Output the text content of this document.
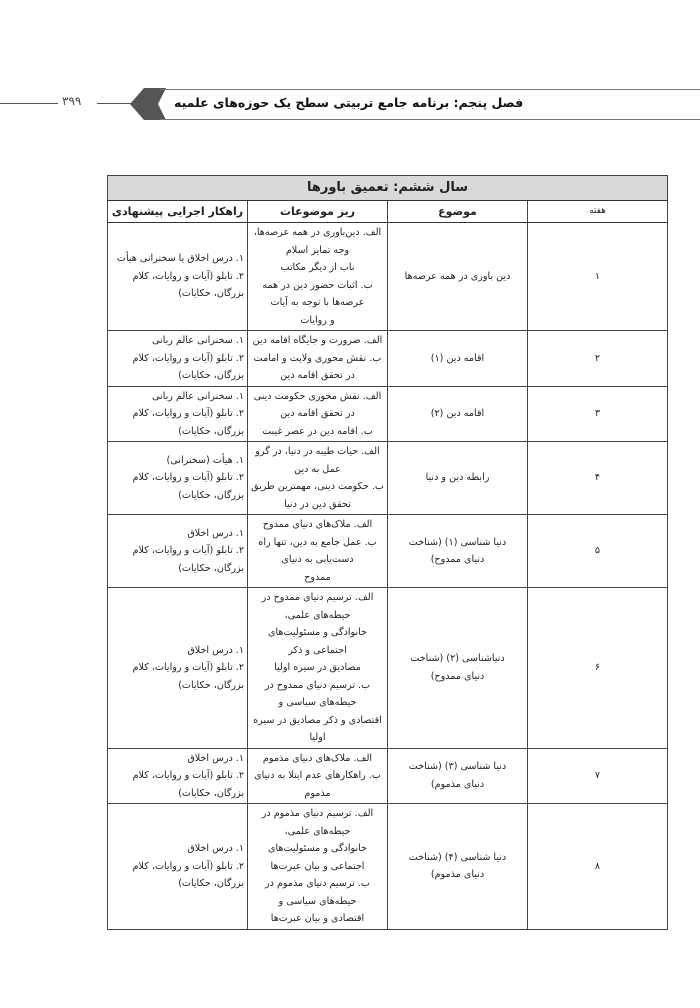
۳۹۹	فصل پنجم: برنامه جامع تربیتی سطح یک حوزه‌های علمیه
سال ششم: تعمیق باورها			
هفته	موضوع	ریز موضوعات	راهکار اجرایی پیشنهادی
۱	دین باوری در همه عرصه‌ها	الف. دین‌باوری در همه عرصه‌ها، وجه تمایز اسلام
ناب از دیگر مکاتب
ب. اثبات حضور دین در همه عرصه‌ها با توجه به آیات
و روایات	۱. درس اخلاق یا سخنرانی هیأت
۲. تابلو (آیات و روایات، کلام بزرگان، حکایات)

۲	اقامه دین (۱)	الف. ضرورت و جایگاه اقامه دین
ب. نقش محوری ولایت و امامت در تحقق اقامه دین	۱. سخنرانی عالم ربانی
۲. تابلو (آیات و روایات، کلام بزرگان، حکایات)

۳	اقامه دین (۲)	الف. نقش محوری حکومت دینی در تحقق اقامه دین
ب. اقامه دین در عصر غیبت	۱. سخنرانی عالم ربانی
۲. تابلو (آیات و روایات، کلام بزرگان، حکایات)

۴	رابطه دین و دنیا	الف. حیات طیبه در دنیا، در گرو عمل به دین
ب. حکومت دینی، مهمترین طریق تحقق دین در دنیا	۱. هیأت (سخنرانی)
۲. تابلو (آیات و روایات، کلام بزرگان، حکایات)

۵	دنیا شناسی (۱) (شناخت
دنیای ممدوح)	الف. ملاک‌های دنیای ممدوح
ب. عمل جامع به دین، تنها راه دست‌یابی به دنیای
ممدوح	۱. درس اخلاق
۲. تابلو (آیات و روایات، کلام بزرگان، حکایات)

۶	دنیاشناسی (۲) (شناخت
دنیای ممدوح)	الف. ترسیم دنیای ممدوح در حیطه‌های علمی،
خانوادگی و مسئولیت‌های اجتماعی و ذکر
مصادیق در سیره اولیا
ب. ترسیم دنیای ممدوح در حیطه‌های سیاسی و
اقتصادی و ذکر مصادیق در سیره اولیا	۱. درس اخلاق
۲. تابلو (آیات و روایات، کلام بزرگان، حکایات)

۷	دنیا شناسی (۳) (شناخت
دنیای مذموم)	الف. ملاک‌های دنیای مذموم
ب. راهکارهای عدم ابتلا به دنیای مذموم	۱. درس اخلاق
۲. تابلو (آیات و روایات، کلام بزرگان، حکایات)

۸	دنیا شناسی (۴) (شناخت
دنیای مذموم)	الف. ترسیم دنیای مذموم در حیطه‌های علمی،
خانوادگی و مسئولیت‌های اجتماعی و بیان عبرت‌ها
ب. ترسیم دنیای مذموم در حیطه‌های سیاسی و
اقتصادی و بیان عبرت‌ها	۱. درس اخلاق
۲. تابلو (آیات و روایات، کلام بزرگان، حکایات)
